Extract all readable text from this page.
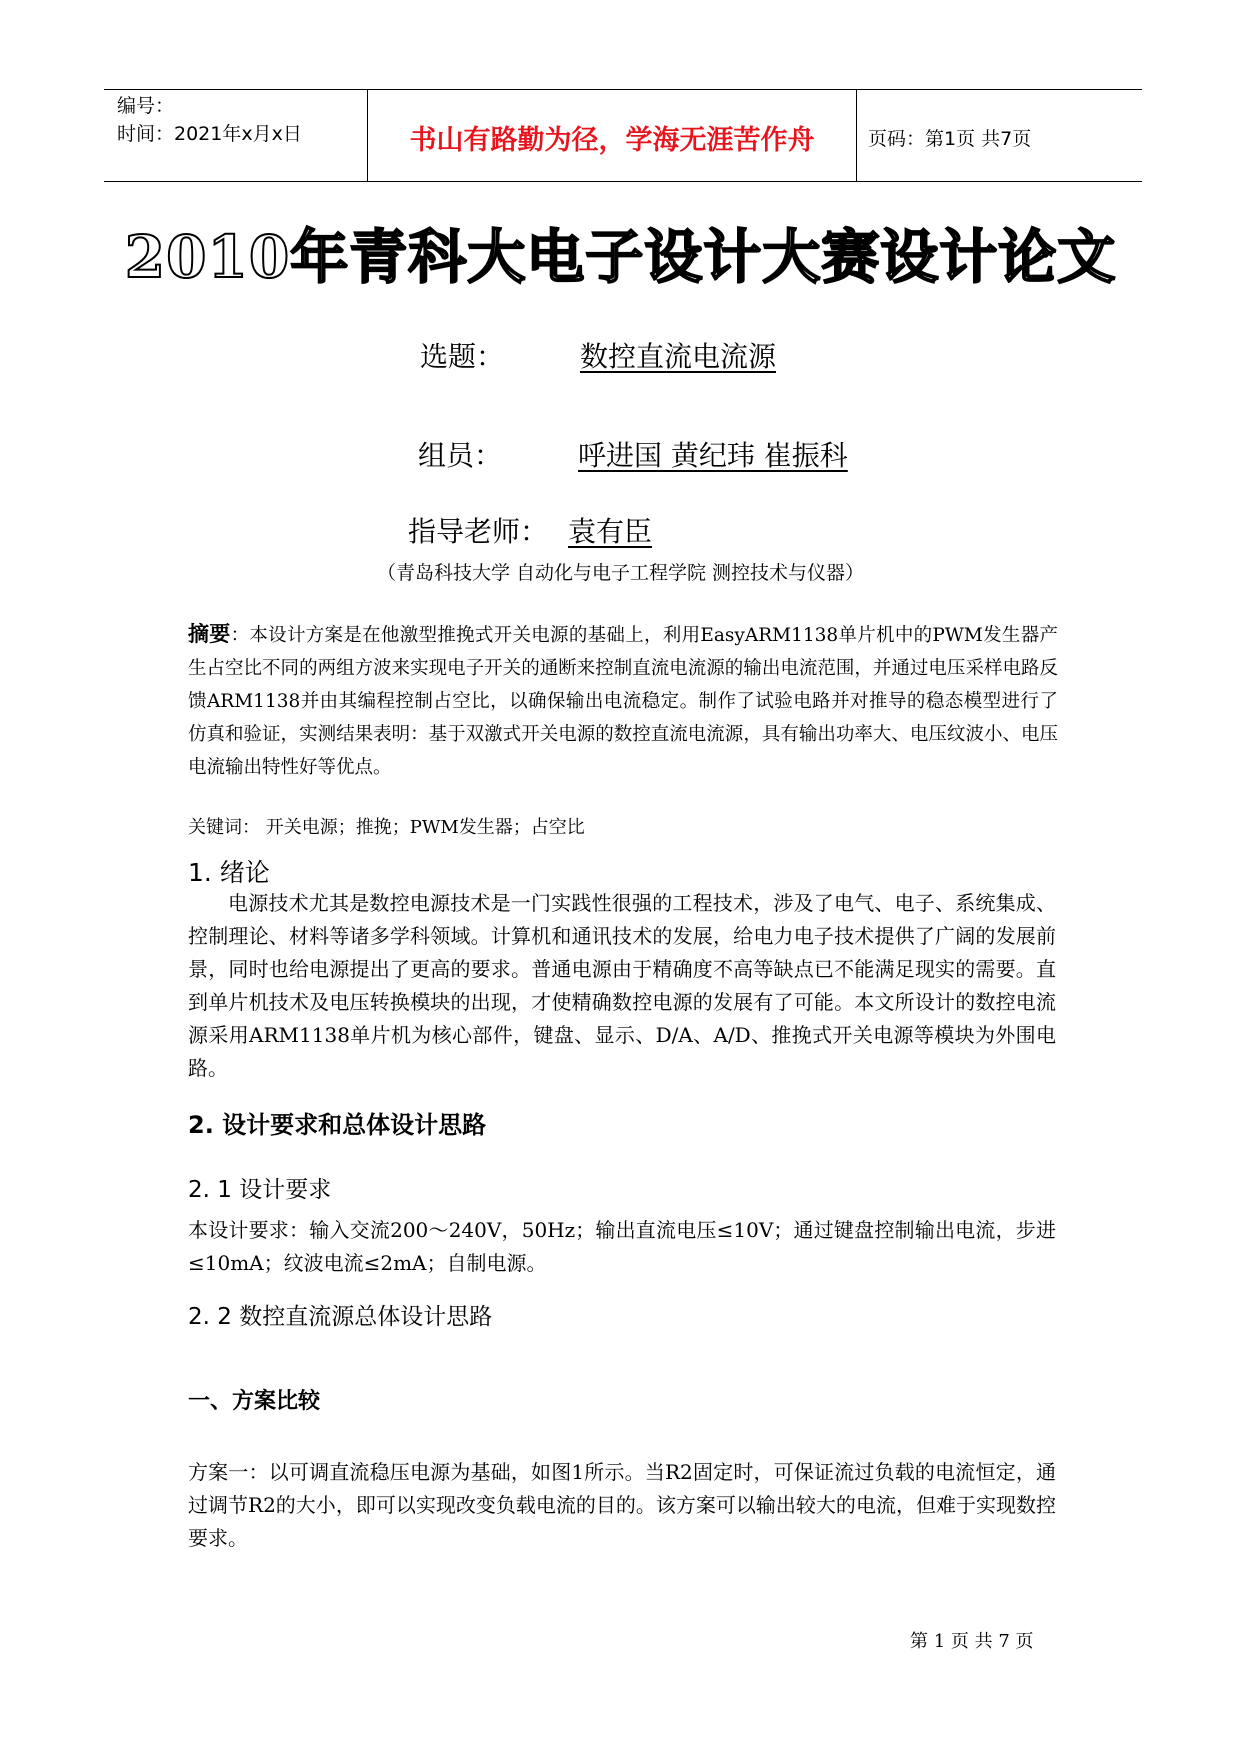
编号：
时间：2021年x月x日	书山有路勤为径，学海无涯苦作舟	页码：第1页 共7页
2010年青科大电子设计大赛设计论文
选题：	数控直流电流源
组员：	呼进国 黄纪玮 崔振科
指导老师： 袁有臣
（青岛科技大学 自动化与电子工程学院 测控技术与仪器）
摘要：本设计方案是在他激型推挽式开关电源的基础上，利用EasyARM1138单片机中的PWM发生器产生占空比不同的两组方波来实现电子开关的通断来控制直流电流源的输出电流范围，并通过电压采样电路反馈ARM1138并由其编程控制占空比，以确保输出电流稳定。制作了试验电路并对推导的稳态模型进行了仿真和验证，实测结果表明：基于双激式开关电源的数控直流电流源，具有输出功率大、电压纹波小、电压电流输出特性好等优点。
关键词： 开关电源；推挽；PWM发生器；占空比
1. 绪论
电源技术尤其是数控电源技术是一门实践性很强的工程技术，涉及了电气、电子、系统集成、控制理论、材料等诸多学科领域。计算机和通讯技术的发展，给电力电子技术提供了广阔的发展前景，同时也给电源提出了更高的要求。普通电源由于精确度不高等缺点已不能满足现实的需要。直到单片机技术及电压转换模块的出现，才使精确数控电源的发展有了可能。本文所设计的数控电流源采用ARM1138单片机为核心部件，键盘、显示、D/A、A/D、推挽式开关电源等模块为外围电路。
2. 设计要求和总体设计思路
2. 1 设计要求
本设计要求：输入交流200～240V，50Hz；输出直流电压≤10V；通过键盘控制输出电流，步进≤10mA；纹波电流≤2mA；自制电源。
2. 2 数控直流源总体设计思路
一、方案比较
方案一：以可调直流稳压电源为基础，如图1所示。当R2固定时，可保证流过负载的电流恒定，通过调节R2的大小，即可以实现改变负载电流的目的。该方案可以输出较大的电流，但难于实现数控要求。
第 1 页 共 7 页
